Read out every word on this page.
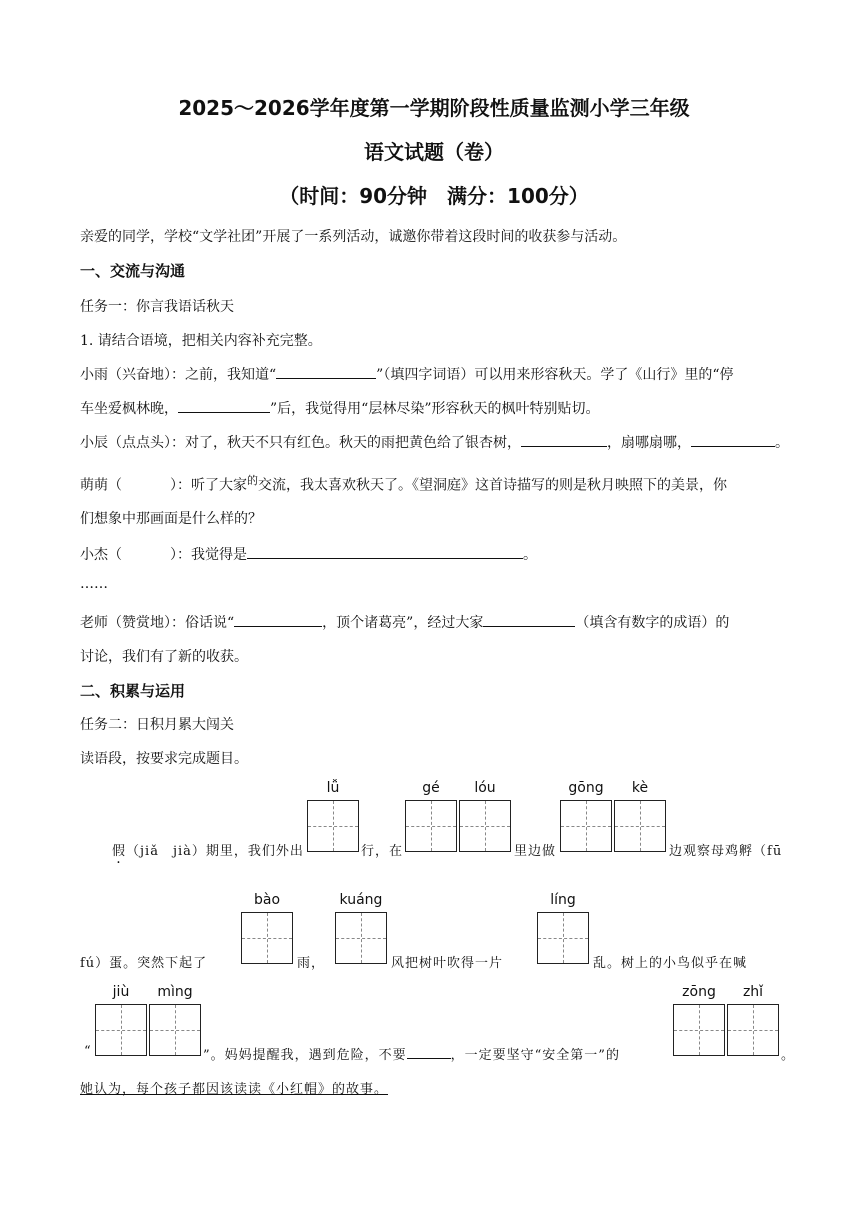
2025～2026学年度第一学期阶段性质量监测小学三年级
语文试题（卷）
（时间：90分钟　满分：100分）
亲爱的同学，学校“文学社团”开展了一系列活动，诚邀你带着这段时间的收获参与活动。
一、交流与沟通
任务一：你言我语话秋天
1. 请结合语境，把相关内容补充完整。
小雨（兴奋地）：之前，我知道“	”（填四字词语）可以用来形容秋天。学了《山行》里的“停
车坐爱枫林晚，	”后，我觉得用“层林尽染”形容秋天的枫叶特别贴切。
小辰（点点头）：对了，秋天不只有红色。秋天的雨把黄色给了银杏树，	，扇哪扇哪，	。
萌萌（	）：听了大家$^的$交流，我太喜欢秋天了。《望洞庭》这首诗描写的则是秋月映照下的美景，你
们想象中那画面是什么样的？
小杰（	）：我觉得是	。
……
老师（赞赏地）：俗话说“	，顶个诸葛亮”，经过大家	（填含有数字的成语）的
讨论，我们有了新的收获。
二、积累与运用
任务二：日积月累大闯关
读语段，按要求完成题目。
lǚ	gé	lóu	gōng	kè
假（jiǎ　jià）期里，我们外出	行，在	里边做	边观察母鸡孵（fū
bào	kuáng	líng
fú）蛋。突然下起了	雨，	风把树叶吹得一片	乱。树上的小鸟似乎在喊
jiù	mìng	zōng	zhǐ
“	”。妈妈提醒我，遇到危险，不要	，一定要坚守“安全第一”的	。
她认为，每个孩子都因该读读《小红帽》的故事。
